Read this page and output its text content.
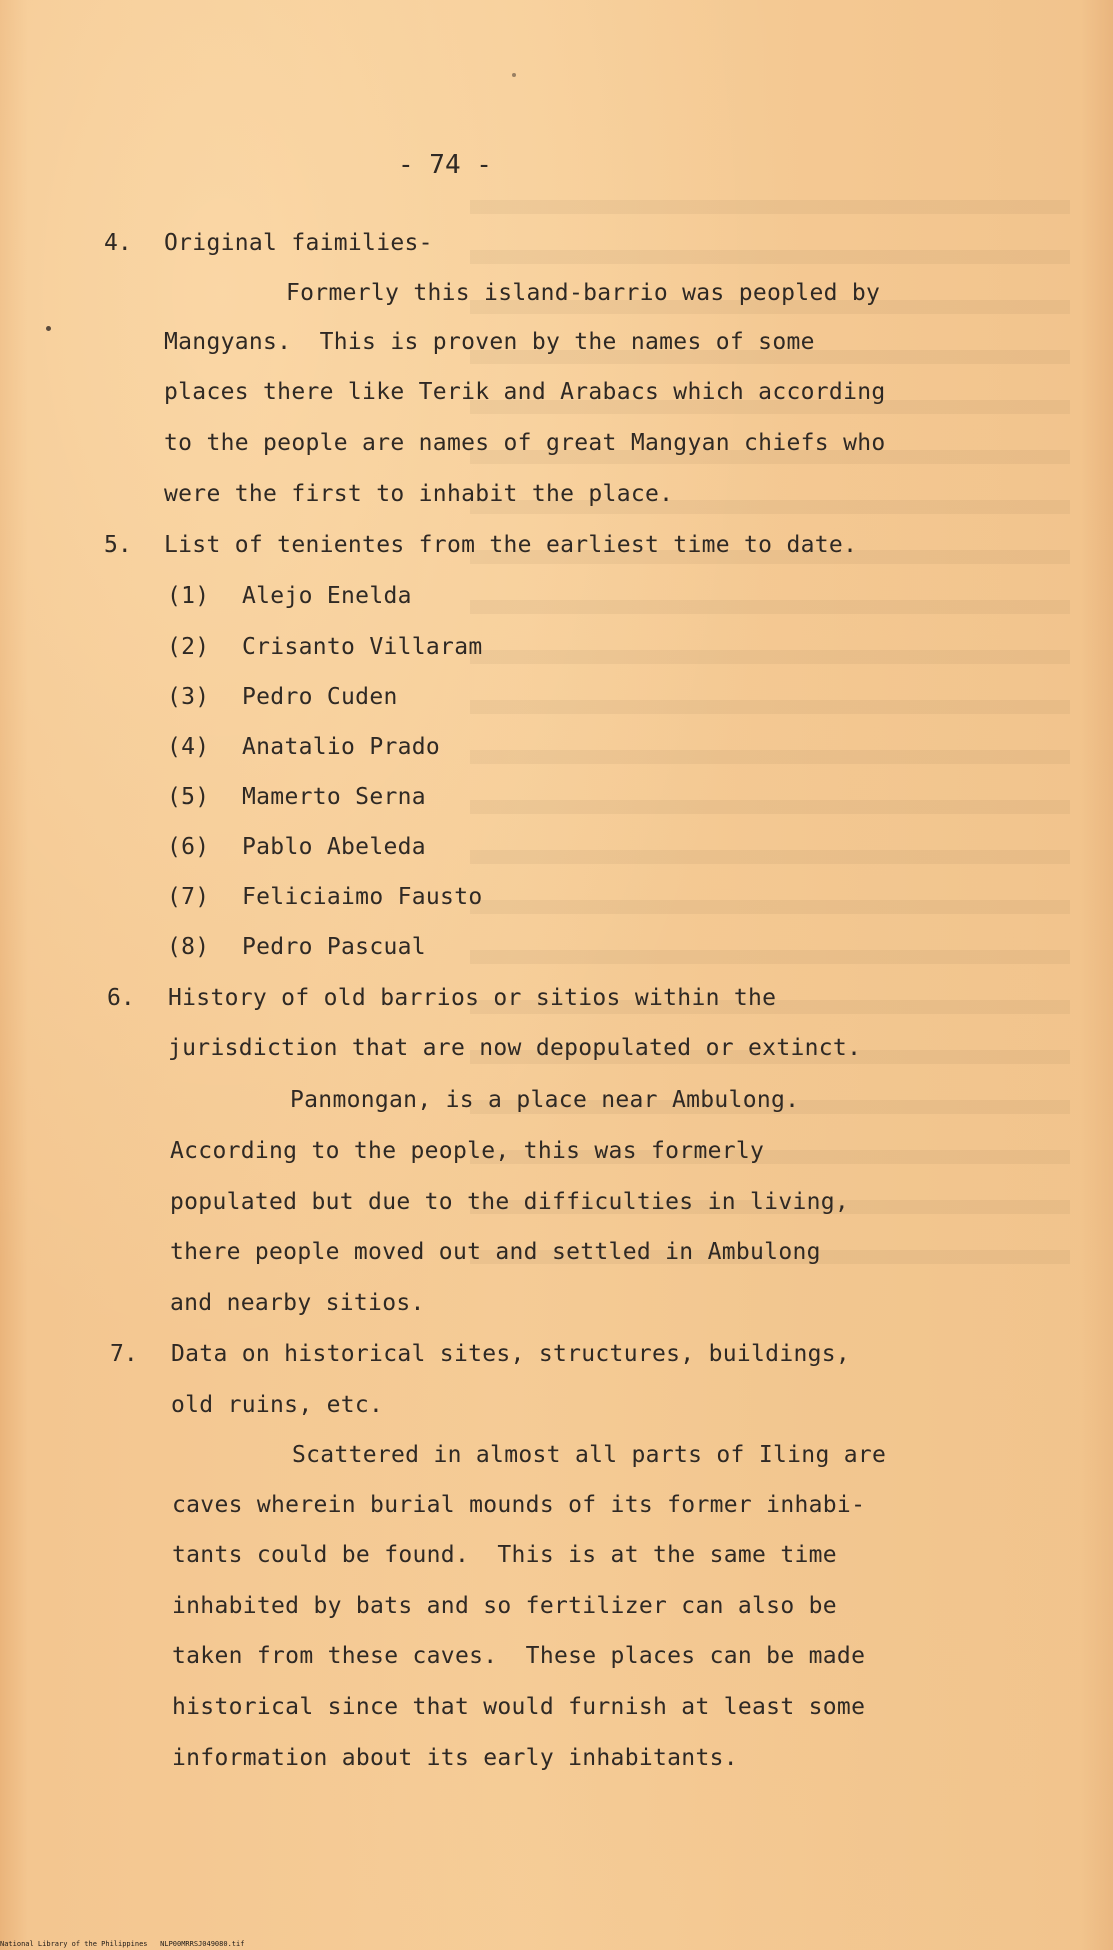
- 74 -
4. Original faimilies-
Formerly this island-barrio was peopled by
Mangyans.  This is proven by the names of some
places there like Terik and Arabacs which according
to the people are names of great Mangyan chiefs who
were the first to inhabit the place.
5. List of tenientes from the earliest time to date.
(1) Alejo Enelda
(2) Crisanto Villaram
(3) Pedro Cuden
(4) Anatalio Prado
(5) Mamerto Serna
(6) Pablo Abeleda
(7) Feliciaimo Fausto
(8) Pedro Pascual
6. History of old barrios or sitios within the
jurisdiction that are now depopulated or extinct.
Panmongan, is a place near Ambulong.
According to the people, this was formerly
populated but due to the difficulties in living,
there people moved out and settled in Ambulong
and nearby sitios.
7. Data on historical sites, structures, buildings,
old ruins, etc.
Scattered in almost all parts of Iling are
caves wherein burial mounds of its former inhabi-
tants could be found.  This is at the same time
inhabited by bats and so fertilizer can also be
taken from these caves.  These places can be made
historical since that would furnish at least some
information about its early inhabitants.
National Library of the Philippines   NLP00MRRSJ049080.tif
